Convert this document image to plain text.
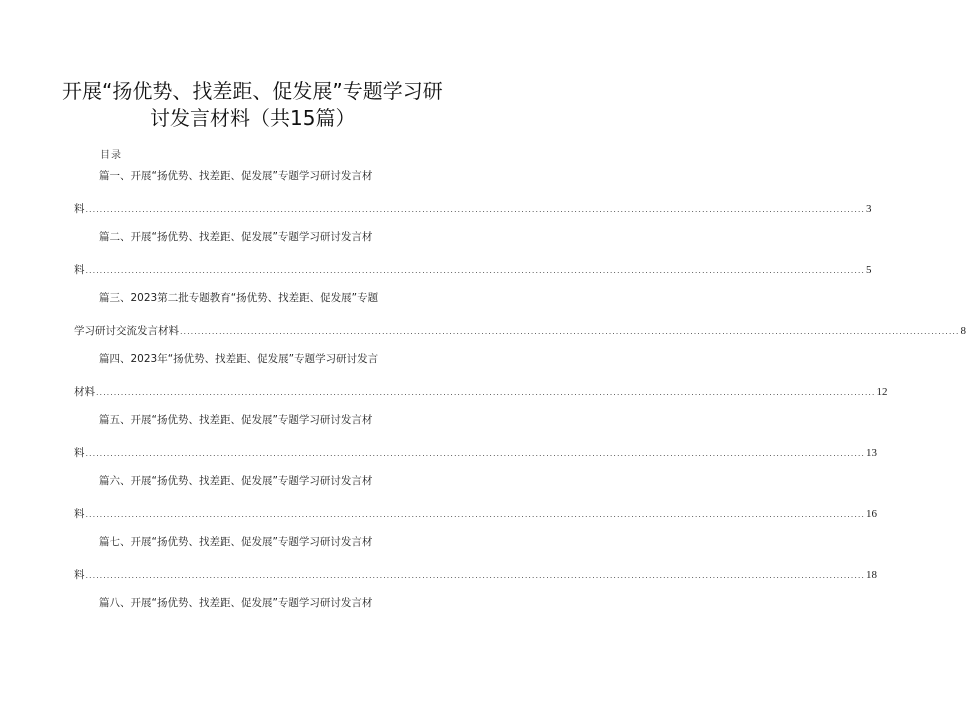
开展“扬优势、找差距、促发展”专题学习研
讨发言材料（共15篇）
目录
篇一、开展“扬优势、找差距、促发展”专题学习研讨发言材
料 ............................................................................................................................................................................................................................ 3
篇二、开展“扬优势、找差距、促发展”专题学习研讨发言材
料 ............................................................................................................................................................................................................................ 5
篇三、2023第二批专题教育“扬优势、找差距、促发展”专题
学习研讨交流发言材料 ............................................................................................................................................................................................................................ 8
篇四、2023年“扬优势、找差距、促发展”专题学习研讨发言
材料 ............................................................................................................................................................................................................................ 12
篇五、开展“扬优势、找差距、促发展”专题学习研讨发言材
料 ............................................................................................................................................................................................................................ 13
篇六、开展“扬优势、找差距、促发展”专题学习研讨发言材
料 ............................................................................................................................................................................................................................ 16
篇七、开展“扬优势、找差距、促发展”专题学习研讨发言材
料 ............................................................................................................................................................................................................................ 18
篇八、开展“扬优势、找差距、促发展”专题学习研讨发言材
